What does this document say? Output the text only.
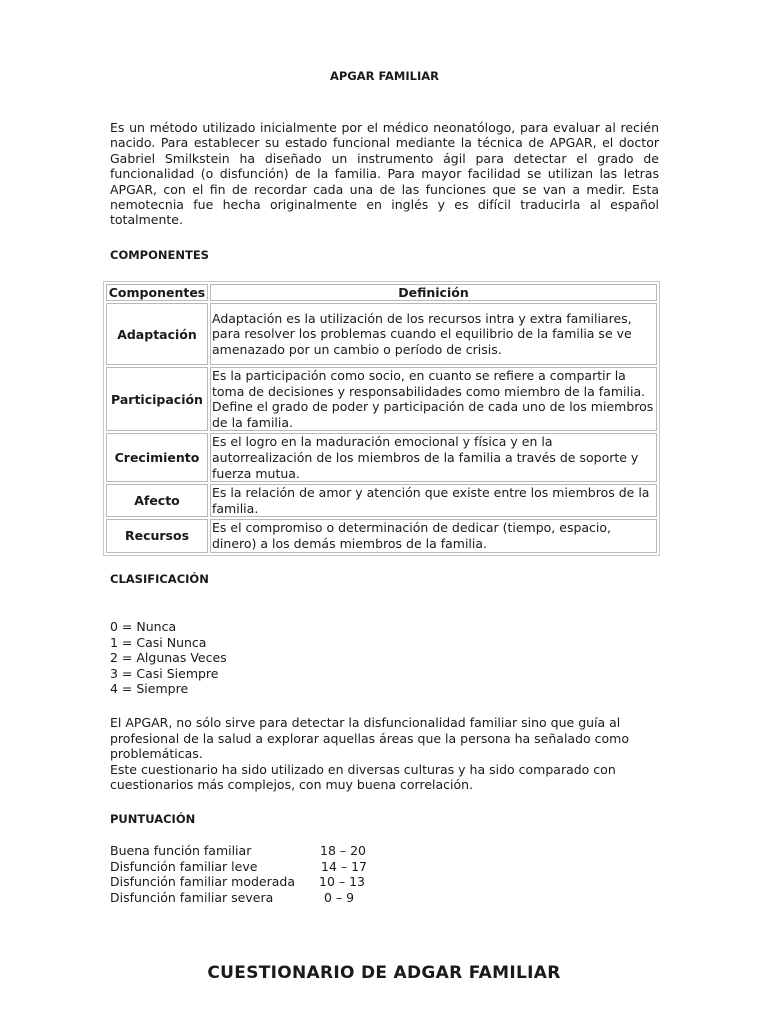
APGAR FAMILIAR

Es un método utilizado inicialmente por el médico neonatólogo, para evaluar al recién nacido. Para establecer su estado funcional mediante la técnica de APGAR, el doctor Gabriel Smilkstein ha diseñado un instrumento ágil para detectar el grado de funcionalidad (o disfunción) de la familia. Para mayor facilidad se utilizan las letras APGAR, con el fin de recordar cada una de las funciones que se van a medir. Esta nemotecnia fue hecha originalmente en inglés y es difícil traducirla al español totalmente.

COMPONENTES
Componentes	Definición
Adaptación	Adaptación es la utilización de los recursos intra y extra familiares, para resolver los problemas cuando el equilibrio de la familia se ve amenazado por un cambio o período de crisis.
Participación	Es la participación como socio, en cuanto se refiere a compartir la toma de decisiones y responsabilidades como miembro de la familia. Define el grado de poder y participación de cada uno de los miembros de la familia.
Crecimiento	Es el logro en la maduración emocional y física y en la autorrealización de los miembros de la familia a través de soporte y fuerza mutua.
Afecto	Es la relación de amor y atención que existe entre los miembros de la familia.
Recursos	Es el compromiso o determinación de dedicar (tiempo, espacio, dinero) a los demás miembros de la familia.
CLASIFICACIÓN
0 = Nunca
1 = Casi Nunca
2 = Algunas Veces
3 = Casi Siempre
4 = Siempre
El APGAR, no sólo sirve para detectar la disfuncionalidad familiar sino que guía al profesional de la salud a explorar aquellas áreas que la persona ha señalado como problemáticas.
Este cuestionario ha sido utilizado en diversas culturas y ha sido comparado con cuestionarios más complejos, con muy buena correlación.
PUNTUACIÓN
Buena función familiar	18 – 20
Disfunción familiar leve	14 – 17
Disfunción familiar moderada 10 – 13
Disfunción familiar severa	0 – 9
CUESTIONARIO DE ADGAR FAMILIAR
